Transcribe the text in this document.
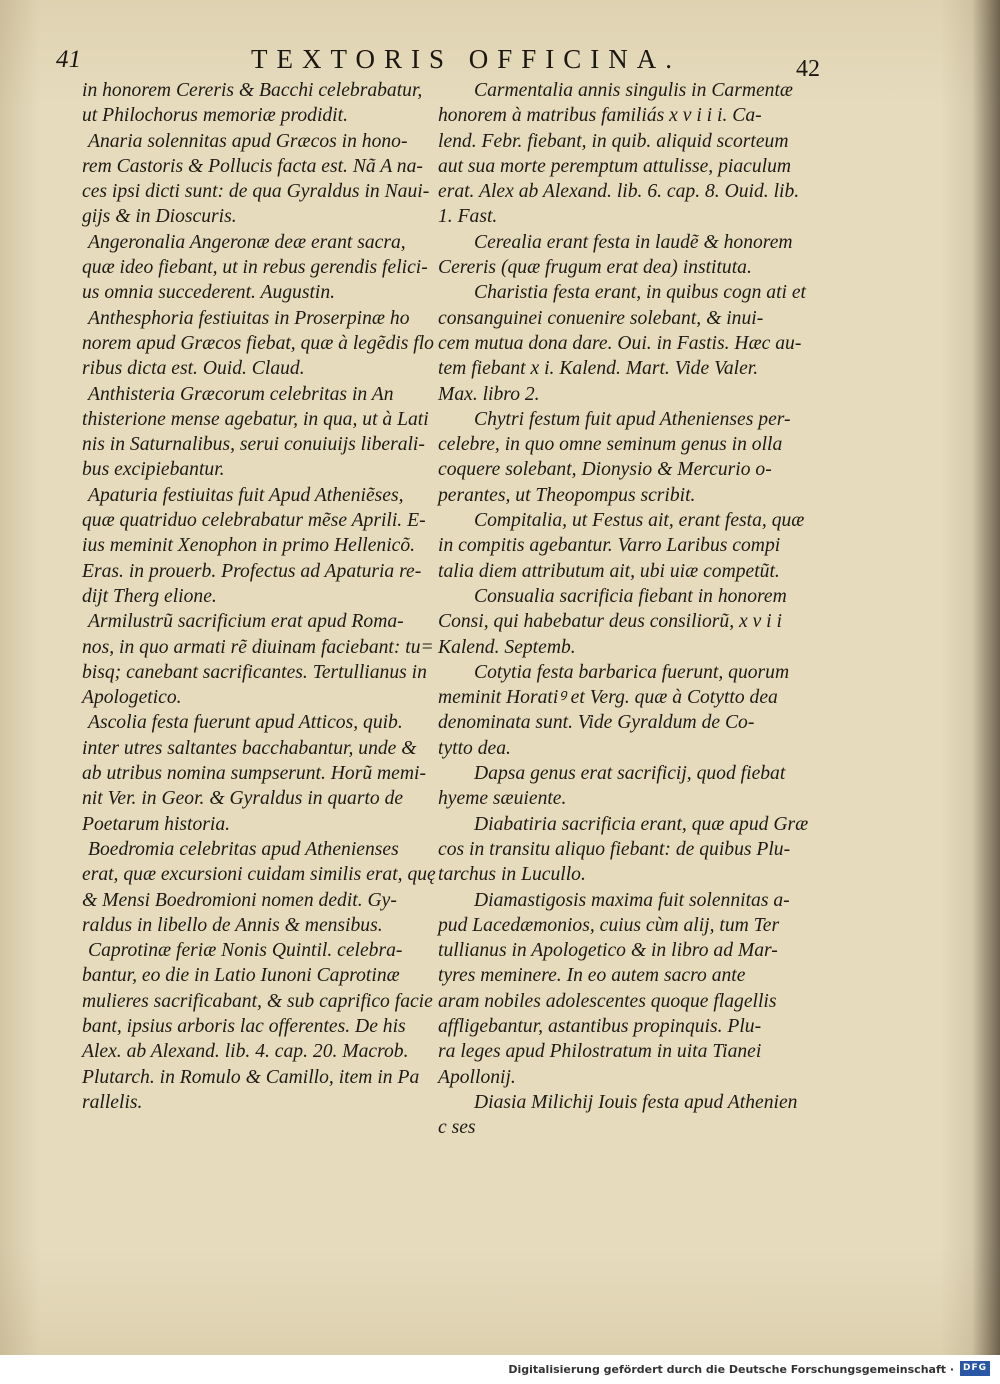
41	TEXTORIS OFFICINA.	42
in honorem Cereris & Bacchi celebrabatur,
ut Philochorus memoriæ prodidit.
Anaria solennitas apud Græcos in hono-
rem Castoris & Pollucis facta est. Nã A na-
ces ipsi dicti sunt: de qua Gyraldus in Naui-
gijs & in Dioscuris.
Angeronalia Angeronæ deæ erant sacra,
quæ ideo fiebant, ut in rebus gerendis felici-
us omnia succederent. Augustin.
Anthesphoria festiuitas in Proserpinæ ho
norem apud Græcos fiebat, quæ à legẽdis flo
ribus dicta est. Ouid. Claud.
Anthisteria Græcorum celebritas in An
thisterione mense agebatur, in qua, ut à Lati
nis in Saturnalibus, serui conuiuijs liberali-
bus excipiebantur.
Apaturia festiuitas fuit Apud Atheniẽses,
quæ quatriduo celebrabatur mẽse Aprili. E-
ius meminit Xenophon in primo Hellenicõ.
Eras. in prouerb. Profectus ad Apaturia re-
dijt Therg elione.
Armilustrũ sacrificium erat apud Roma-
nos, in quo armati rẽ diuinam faciebant: tu=
bisq; canebant sacrificantes. Tertullianus in
Apologetico.
Ascolia festa fuerunt apud Atticos, quib.
inter utres saltantes bacchabantur, unde &
ab utribus nomina sumpserunt. Horũ memi-
nit Ver. in Geor. & Gyraldus in quarto de
Poetarum historia.
Boedromia celebritas apud Athenienses
erat, quæ excursioni cuidam similis erat, quę
& Mensi Boedromioni nomen dedit. Gy-
raldus in libello de Annis & mensibus.
Caprotinæ feriæ Nonis Quintil. celebra-
bantur, eo die in Latio Iunoni Caprotinæ
mulieres sacrificabant, & sub caprifico facie
bant, ipsius arboris lac offerentes. De his
Alex. ab Alexand. lib. 4. cap. 20. Macrob.
Plutarch. in Romulo & Camillo, item in Pa
rallelis.
Carmentalia annis singulis in Carmentæ
honorem à matribus familiás x v i i i. Ca-
lend. Febr. fiebant, in quib. aliquid scorteum
aut sua morte peremptum attulisse, piaculum
erat. Alex ab Alexand. lib. 6. cap. 8. Ouid. lib.
1. Fast.
Cerealia erant festa in laudẽ & honorem
Cereris (quæ frugum erat dea) instituta.
Charistia festa erant, in quibus cogn ati et
consanguinei conuenire solebant, & inui-
cem mutua dona dare. Oui. in Fastis. Hæc au-
tem fiebant x i. Kalend. Mart. Vide Valer.
Max. libro 2.
Chytri festum fuit apud Athenienses per-
celebre, in quo omne seminum genus in olla
coquere solebant, Dionysio & Mercurio o-
perantes, ut Theopompus scribit.
Compitalia, ut Festus ait, erant festa, quæ
in compitis agebantur. Varro Laribus compi
talia diem attributum ait, ubi uiæ competũt.
Consualia sacrificia fiebant in honorem
Consi, qui habebatur deus consiliorũ, x v i i
Kalend. Septemb.
Cotytia festa barbarica fuerunt, quorum
meminit Horatiꝰ et Verg. quæ à Cotytto dea
denominata sunt. Vide Gyraldum de Co-
tytto dea.
Dapsa genus erat sacrificij, quod fiebat
hyeme sæuiente.
Diabatiria sacrificia erant, quæ apud Græ
cos in transitu aliquo fiebant: de quibus Plu-
tarchus in Lucullo.
Diamastigosis maxima fuit solennitas a-
pud Lacedæmonios, cuius cùm alij, tum Ter
tullianus in Apologetico & in libro ad Mar-
tyres meminere. In eo autem sacro ante
aram nobiles adolescentes quoque flagellis
affligebantur, astantibus propinquis. Plu-
ra leges apud Philostratum in uita Tianei
Apollonij.
Diasia Milichij Iouis festa apud Athenien
c ses
Digitalisierung gefördert durch die Deutsche Forschungsgemeinschaft · DFG
